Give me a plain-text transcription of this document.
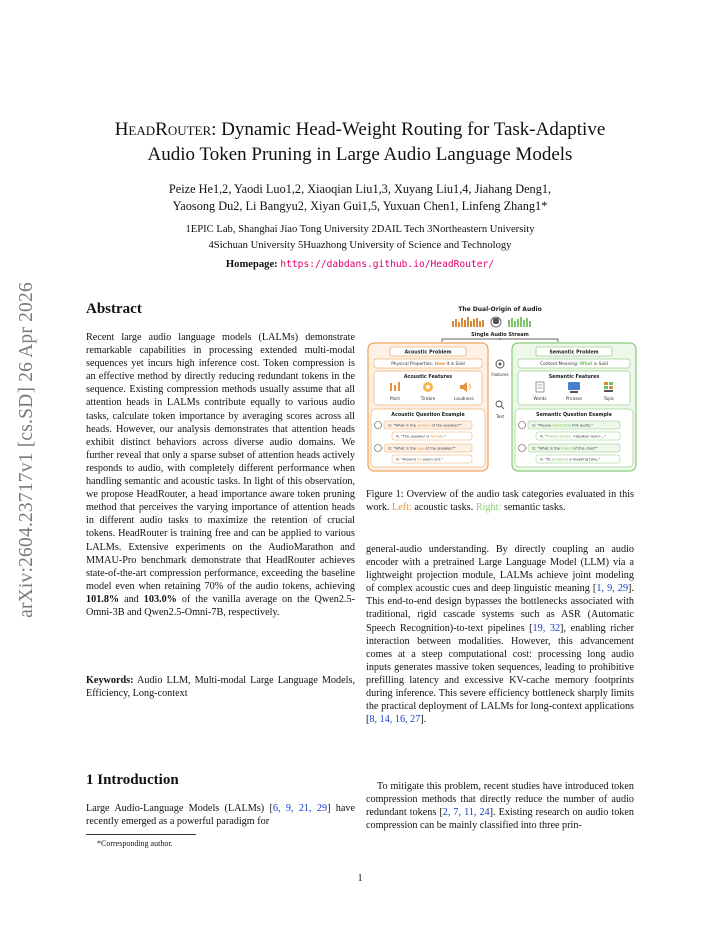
arXiv:2604.23717v1 [cs.SD] 26 Apr 2026
HeadRouter: Dynamic Head-Weight Routing for Task-Adaptive
Audio Token Pruning in Large Audio Language Models
Peize He1,2, Yaodi Luo1,2, Xiaoqian Liu1,3, Xuyang Liu1,4, Jiahang Deng1,
Yaosong Du2, Li Bangyu2, Xiyan Gui1,5, Yuxuan Chen1, Linfeng Zhang1*
1EPIC Lab, Shanghai Jiao Tong University 2DAIL Tech 3Northeastern University
4Sichuan University 5Huazhong University of Science and Technology
Homepage: https://dabdans.github.io/HeadRouter/
Abstract
Recent large audio language models (LALMs) demonstrate remarkable capabilities in processing extended multi-modal sequences yet incurs high inference cost. Token compression is an effective method by directly reducing redundant tokens in the sequence. Existing compression methods usually assume that all attention heads in LALMs contribute equally to various audio tasks, calculate token importance by averaging scores across all heads. However, our analysis demonstrates that attention heads exhibit distinct behaviors across diverse audio domains. We further reveal that only a sparse subset of attention heads actively responds to audio, with completely different performance when handling semantic and acoustic tasks. In light of this observation, we propose HeadRouter, a head importance aware token pruning method that perceives the varying importance of attention heads in different audio tasks to maximize the retention of crucial tokens. HeadRouter is training free and can be applied to various LALMs. Extensive experiments on the AudioMarathon and MMAU-Pro benchmark demonstrate that HeadRouter achieves state-of-the-art compression performance, exceeding the baseline model even when retaining 70% of the audio tokens, achieving 101.8% and 103.0% of the vanilla average on the Qwen2.5-Omni-3B and Qwen2.5-Omni-7B, respectively.
Keywords: Audio LLM, Multi-modal Large Language Models, Efficiency, Long-context
1 Introduction
Large Audio-Language Models (LALMs) [6, 9, 21, 29] have recently emerged as a powerful paradigm for
*Corresponding author.
The Dual-Origin of Audio
Single Audio Stream
Acoustic Problem
Physical Properties: How it is Said
Acoustic Features
Pitch	Timbre	Loudness
Acoustic Question Example
Q: "What is the gender of the speaker?"
A: "The speaker is female."
Q: "What is the age of the speaker?"
A: "Around 30 years old."
Features
Text
Semantic Problem
Content Meaning: What is Said
Semantic Features
Words	Phrases	Topic
Semantic Question Example
Q: "Please transcribe this audio."
A: "Transcription: <Spoken text>..."
Q: "What is the intent of this chat?"
A: "To schedule a meeting time."
Figure 1: Overview of the audio task categories evaluated in this work. Left: acoustic tasks. Right: semantic tasks.
general-audio understanding. By directly coupling an audio encoder with a pretrained Large Language Model (LLM) via a lightweight projection module, LALMs achieve joint modeling of complex acoustic cues and deep linguistic meaning [1, 9, 29]. This end-to-end design bypasses the bottlenecks associated with traditional, rigid cascade systems such as ASR (Automatic Speech Recognition)-to-text pipelines [19, 32], enabling richer interaction between modalities. However, this advancement comes at a steep computational cost: processing long audio inputs generates massive token sequences, leading to prohibitive prefilling latency and excessive KV-cache memory footprints during inference. This severe efficiency bottleneck sharply limits the practical deployment of LALMs for long-context applications [8, 14, 16, 27].
To mitigate this problem, recent studies have introduced token compression methods that directly reduce the number of audio redundant tokens [2, 7, 11, 24]. Existing research on audio token compression can be mainly classified into three prin-
1
